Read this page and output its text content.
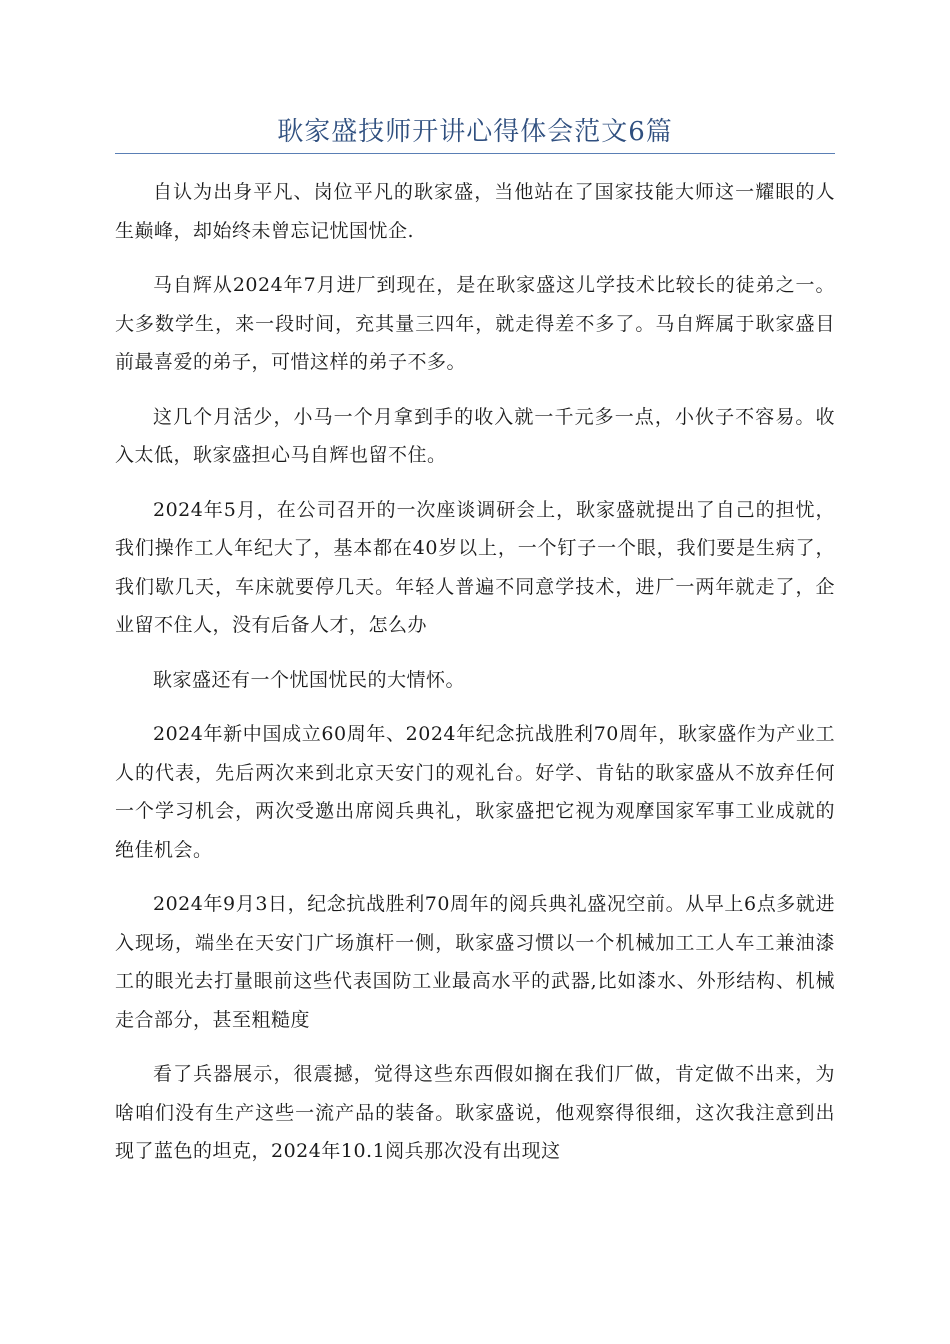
耿家盛技师开讲心得体会范文6篇

自认为出身平凡、岗位平凡的耿家盛，当他站在了国家技能大师这一耀眼的人生巅峰，却始终未曾忘记忧国忧企.

马自辉从2024年7月进厂到现在，是在耿家盛这儿学技术比较长的徒弟之一。大多数学生，来一段时间，充其量三四年，就走得差不多了。马自辉属于耿家盛目前最喜爱的弟子，可惜这样的弟子不多。

这几个月活少，小马一个月拿到手的收入就一千元多一点，小伙子不容易。收入太低，耿家盛担心马自辉也留不住。

2024年5月，在公司召开的一次座谈调研会上，耿家盛就提出了自己的担忧，我们操作工人年纪大了，基本都在40岁以上，一个钉子一个眼，我们要是生病了，我们歇几天，车床就要停几天。年轻人普遍不同意学技术，进厂一两年就走了，企业留不住人，没有后备人才，怎么办

耿家盛还有一个忧国忧民的大情怀。

2024年新中国成立60周年、2024年纪念抗战胜利70周年，耿家盛作为产业工人的代表，先后两次来到北京天安门的观礼台。好学、肯钻的耿家盛从不放弃任何一个学习机会，两次受邀出席阅兵典礼，耿家盛把它视为观摩国家军事工业成就的绝佳机会。

2024年9月3日，纪念抗战胜利70周年的阅兵典礼盛况空前。从早上6点多就进入现场，端坐在天安门广场旗杆一侧，耿家盛习惯以一个机械加工工人车工兼油漆工的眼光去打量眼前这些代表国防工业最高水平的武器,比如漆水、外形结构、机械走合部分，甚至粗糙度

看了兵器展示，很震撼，觉得这些东西假如搁在我们厂做，肯定做不出来，为啥咱们没有生产这些一流产品的装备。耿家盛说，他观察得很细，这次我注意到出现了蓝色的坦克，2024年10.1阅兵那次没有出现这
